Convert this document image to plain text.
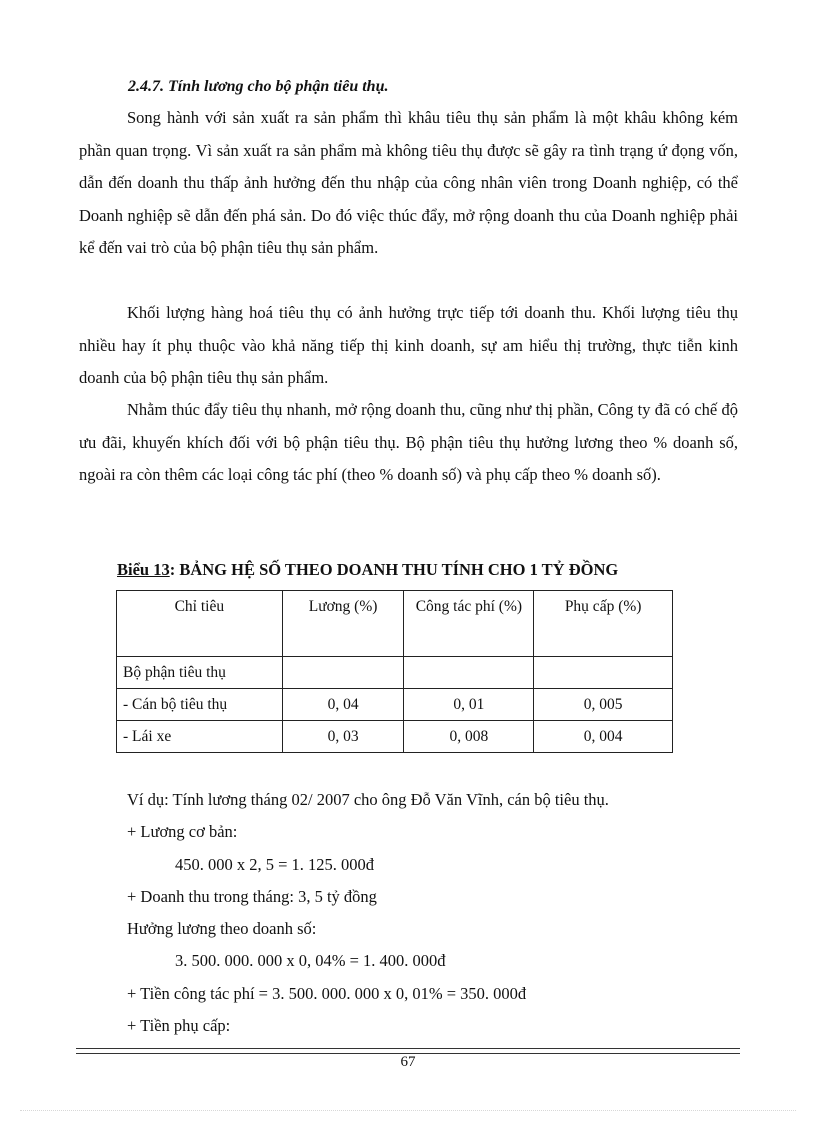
2.4.7. Tính lương cho bộ phận tiêu thụ.

Song hành với sản xuất ra sản phẩm thì khâu tiêu thụ sản phẩm là một khâu không kém phần quan trọng. Vì sản xuất ra sản phẩm mà không tiêu thụ được sẽ gây ra tình trạng ứ đọng vốn, dẫn đến doanh thu thấp ảnh hưởng đến thu nhập của công nhân viên trong Doanh nghiệp, có thể Doanh nghiệp sẽ dẫn đến phá sản. Do đó việc thúc đẩy, mở rộng doanh thu của Doanh nghiệp phải kể đến vai trò của bộ phận tiêu thụ sản phẩm.

Khối lượng hàng hoá tiêu thụ có ảnh hưởng trực tiếp tới doanh thu. Khối lượng tiêu thụ nhiều hay ít phụ thuộc vào khả năng tiếp thị kinh doanh, sự am hiểu thị trường, thực tiễn kinh doanh của bộ phận tiêu thụ sản phẩm.

Nhằm thúc đẩy tiêu thụ nhanh, mở rộng doanh thu, cũng như thị phần, Công ty đã có chế độ ưu đãi, khuyến khích đối với bộ phận tiêu thụ. Bộ phận tiêu thụ hưởng lương theo % doanh số, ngoài ra còn thêm các loại công tác phí (theo % doanh số) và phụ cấp theo % doanh số).

Biểu 13: BẢNG HỆ SỐ THEO DOANH THU TÍNH CHO 1 TỶ ĐỒNG
Chỉ tiêu	Lương (%)	Công tác phí (%)	Phụ cấp (%)
Bộ phận tiêu thụ			
- Cán bộ tiêu thụ	0, 04	0, 01	0, 005
- Lái xe	0, 03	0, 008	0, 004
Ví dụ: Tính lương tháng 02/ 2007 cho ông Đỗ Văn Vĩnh, cán bộ tiêu thụ.
+ Lương cơ bản:
450. 000 x 2, 5 = 1. 125. 000đ
+ Doanh thu trong tháng: 3, 5 tỷ đồng
Hưởng lương theo doanh số:
3. 500. 000. 000 x 0, 04% = 1. 400. 000đ
+ Tiền công tác phí = 3. 500. 000. 000 x 0, 01% = 350. 000đ
+ Tiền phụ cấp:
67
